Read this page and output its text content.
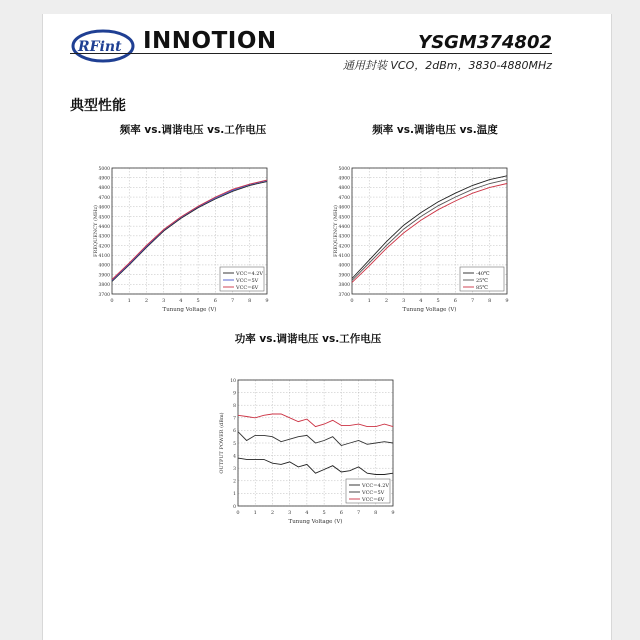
RFint INNOTION	YSGM374802
通用封装 VCO，2dBm，3830-4880MHz
典型性能
频率 vs.调谐电压 vs.工作电压	频率 vs.调谐电压 vs.温度
功率 vs.调谐电压 vs.工作电压
0	1	2	3	4	5	6	7	8	9
3700
3800
3900
4000
4100
4200
4300
4400
4500
4600
4700
4800
4900
5000
Tunung Voltage (V)
FREQUENCY (MHz)
VCC=4.2V
VCC=5V
VCC=6V
0	1	2	3	4	5	6	7	8	9
3700
3800
3900
4000
4100
4200
4300
4400
4500
4600
4700
4800
4900
5000
Tunung Voltage (V)
FREQUENCY (MHz)
-40℃
25℃
85℃
0	1	2	3	4	5	6	7	8	9
0
1
2
3
4
5
6
7
8
9
10
Tunung Voltage (V)
OUTPUT POWER (dBm)
VCC=4.2V
VCC=5V
VCC=6V
